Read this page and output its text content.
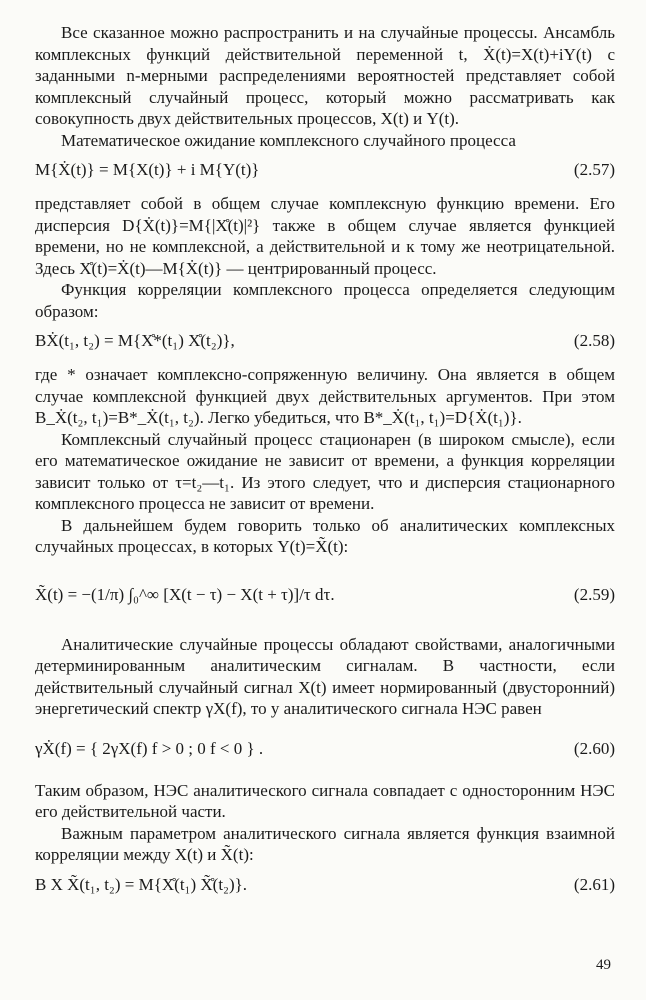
Все сказанное можно распространить и на случайные процессы. Ансамбль комплексных функций действительной переменной t, Ẋ(t)=X(t)+iY(t) с заданными n-мерными распределениями вероятностей представляет собой комплексный случайный процесс, который можно рассматривать как совокупность двух действительных процессов, X(t) и Y(t).

Математическое ожидание комплексного случайного процесса

M{Ẋ(t)} = M{X(t)} + i M{Y(t)}	(2.57)

представляет собой в общем случае комплексную функцию времени. Его дисперсия D{Ẋ(t)}=M{|X̊(t)|²} также в общем случае является функцией времени, но не комплексной, а действительной и к тому же неотрицательной. Здесь X̊(t)=Ẋ(t)—M{Ẋ(t)} — центрированный процесс.

Функция корреляции комплексного процесса определяется следующим образом:

BẊ(t₁, t₂) = M{X̊*(t₁) X̊(t₂)},	(2.58)

где * означает комплексно-сопряженную величину. Она является в общем случае комплексной функцией двух действительных аргументов. При этом B_Ẋ(t₂, t₁)=B*_Ẋ(t₁, t₂). Легко убедиться, что B*_Ẋ(t₁, t₁)=D{Ẋ(t₁)}.

Комплексный случайный процесс стационарен (в широком смысле), если его математическое ожидание не зависит от времени, а функция корреляции зависит только от τ=t₂—t₁. Из этого следует, что и дисперсия стационарного комплексного процесса не зависит от времени.

В дальнейшем будем говорить только об аналитических комплексных случайных процессах, в которых Y(t)=X̃(t):

X̃(t) = −(1/π) ∫₀^∞ [X(t − τ) − X(t + τ)]/τ dτ.	(2.59)

Аналитические случайные процессы обладают свойствами, аналогичными детерминированным аналитическим сигналам. В частности, если действительный случайный сигнал X(t) имеет нормированный (двусторонний) энергетический спектр γX(f), то у аналитического сигнала НЭС равен

γẊ(f) = { 2γX(f) f > 0 ; 0 f < 0 } .	(2.60)

Таким образом, НЭС аналитического сигнала совпадает с односторонним НЭС его действительной части.

Важным параметром аналитического сигнала является функция взаимной корреляции между X(t) и X̃(t):

B X X̃(t₁, t₂) = M{X̊(t₁) X̊̃(t₂)}.	(2.61)
49
